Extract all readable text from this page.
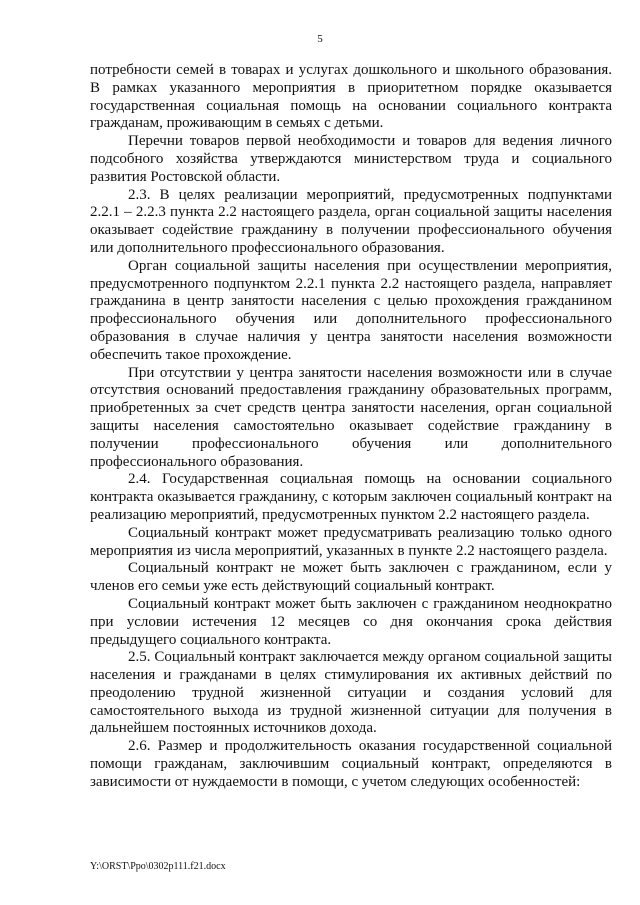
5

потребности семей в товарах и услугах дошкольного и школьного образования. В рамках указанного мероприятия в приоритетном порядке оказывается государственная социальная помощь на основании социального контракта гражданам, проживающим в семьях с детьми.

Перечни товаров первой необходимости и товаров для ведения личного подсобного хозяйства утверждаются министерством труда и социального развития Ростовской области.

2.3. В целях реализации мероприятий, предусмотренных подпунктами 2.2.1 – 2.2.3 пункта 2.2 настоящего раздела, орган социальной защиты населения оказывает содействие гражданину в получении профессионального обучения или дополнительного профессионального образования.

Орган социальной защиты населения при осуществлении мероприятия, предусмотренного подпунктом 2.2.1 пункта 2.2 настоящего раздела, направляет гражданина в центр занятости населения с целью прохождения гражданином профессионального обучения или дополнительного профессионального образования в случае наличия у центра занятости населения возможности обеспечить такое прохождение.

При отсутствии у центра занятости населения возможности или в случае отсутствия оснований предоставления гражданину образовательных программ, приобретенных за счет средств центра занятости населения, орган социальной защиты населения самостоятельно оказывает содействие гражданину в получении профессионального обучения или дополнительного профессионального образования.

2.4. Государственная социальная помощь на основании социального контракта оказывается гражданину, с которым заключен социальный контракт на реализацию мероприятий, предусмотренных пунктом 2.2 настоящего раздела.

Социальный контракт может предусматривать реализацию только одного мероприятия из числа мероприятий, указанных в пункте 2.2 настоящего раздела.

Социальный контракт не может быть заключен с гражданином, если у членов его семьи уже есть действующий социальный контракт.

Социальный контракт может быть заключен с гражданином неоднократно при условии истечения 12 месяцев со дня окончания срока действия предыдущего социального контракта.

2.5. Социальный контракт заключается между органом социальной защиты населения и гражданами в целях стимулирования их активных действий по преодолению трудной жизненной ситуации и создания условий для самостоятельного выхода из трудной жизненной ситуации для получения в дальнейшем постоянных источников дохода.

2.6. Размер и продолжительность оказания государственной социальной помощи гражданам, заключившим социальный контракт, определяются в зависимости от нуждаемости в помощи, с учетом следующих особенностей:

Y:\ORST\Ppo\0302p111.f21.docx
